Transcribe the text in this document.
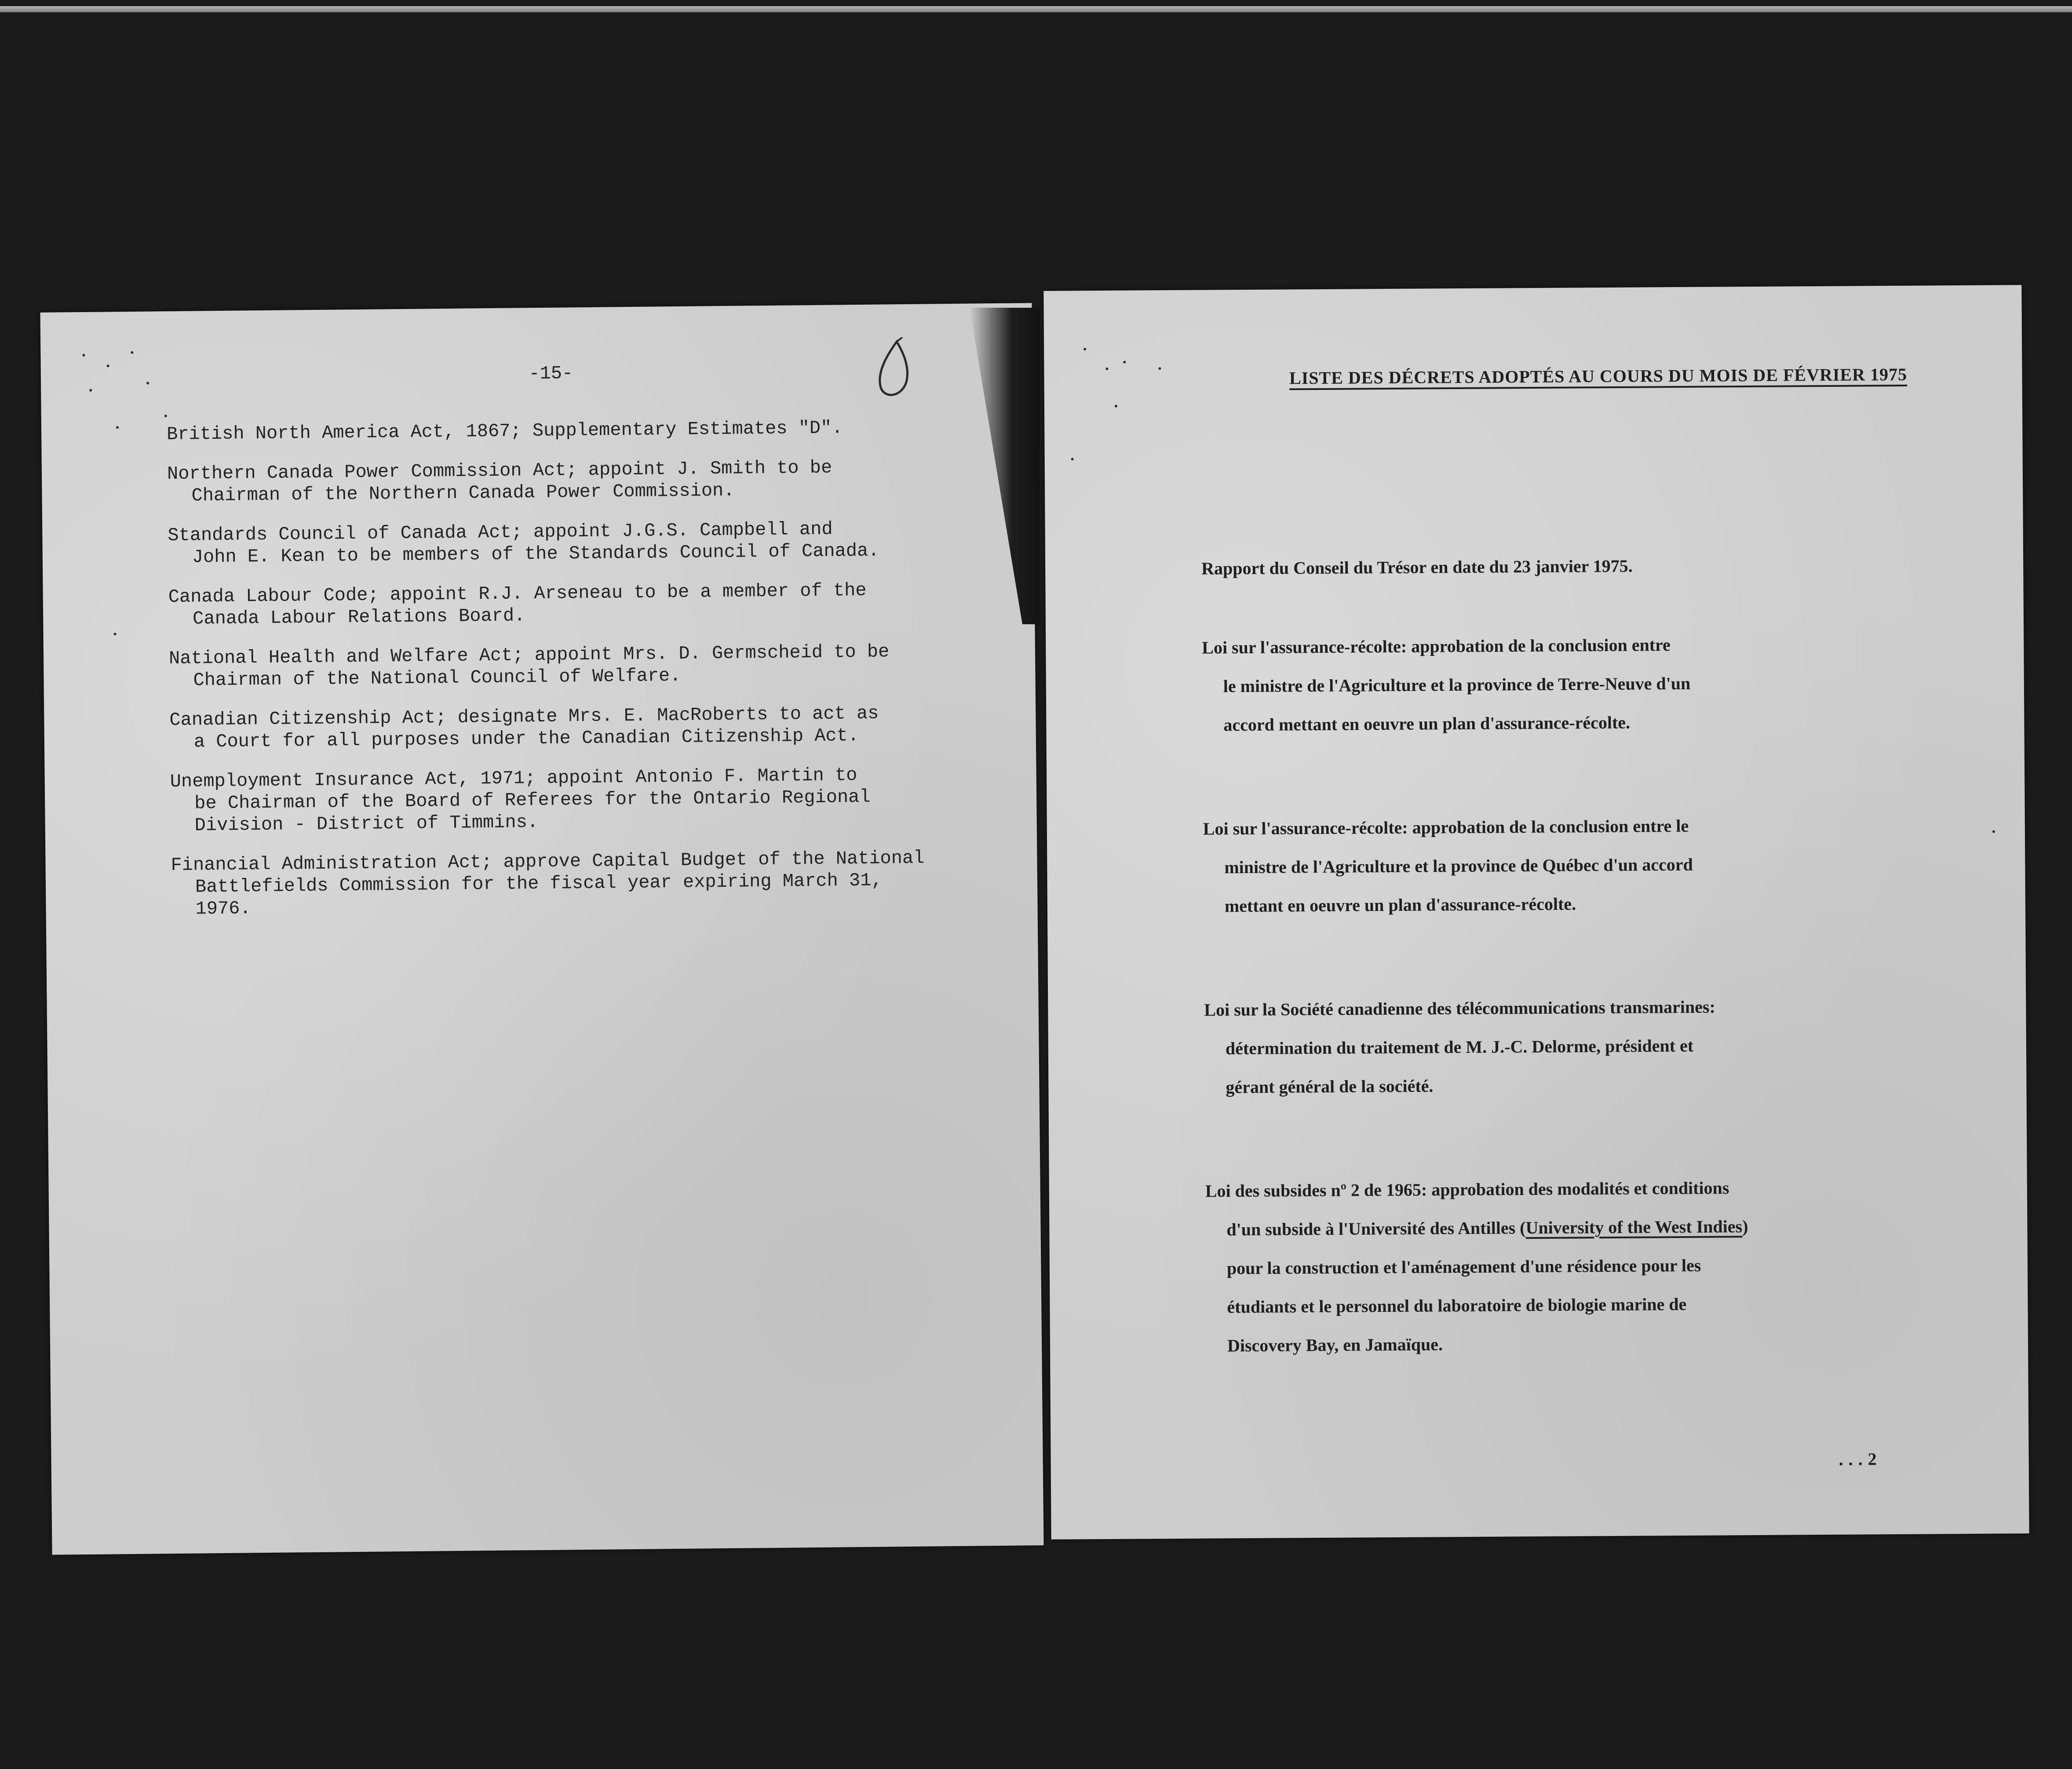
-15-
British North America Act, 1867; Supplementary Estimates "D".
Northern Canada Power Commission Act; appoint J. Smith to be
Chairman of the Northern Canada Power Commission.
Standards Council of Canada Act; appoint J.G.S. Campbell and
John E. Kean to be members of the Standards Council of Canada.
Canada Labour Code; appoint R.J. Arseneau to be a member of the
Canada Labour Relations Board.
National Health and Welfare Act; appoint Mrs. D. Germscheid to be
Chairman of the National Council of Welfare.
Canadian Citizenship Act; designate Mrs. E. MacRoberts to act as
a Court for all purposes under the Canadian Citizenship Act.
Unemployment Insurance Act, 1971; appoint Antonio F. Martin to
be Chairman of the Board of Referees for the Ontario Regional
Division - District of Timmins.
Financial Administration Act; approve Capital Budget of the National
Battlefields Commission for the fiscal year expiring March 31,
1976.
LISTE DES DÉCRETS ADOPTÉS AU COURS DU MOIS DE FÉVRIER 1975
Rapport du Conseil du Trésor en date du 23 janvier 1975.
Loi sur l'assurance-récolte: approbation de la conclusion entre
le ministre de l'Agriculture et la province de Terre-Neuve d'un
accord mettant en oeuvre un plan d'assurance-récolte.
Loi sur l'assurance-récolte: approbation de la conclusion entre le
ministre de l'Agriculture et la province de Québec d'un accord
mettant en oeuvre un plan d'assurance-récolte.
Loi sur la Société canadienne des télécommunications transmarines:
détermination du traitement de M. J.-C. Delorme, président et
gérant général de la société.
Loi des subsides nº 2 de 1965: approbation des modalités et conditions
d'un subside à l'Université des Antilles (University of the West Indies)
pour la construction et l'aménagement d'une résidence pour les
étudiants et le personnel du laboratoire de biologie marine de
Discovery Bay, en Jamaïque.
...2
